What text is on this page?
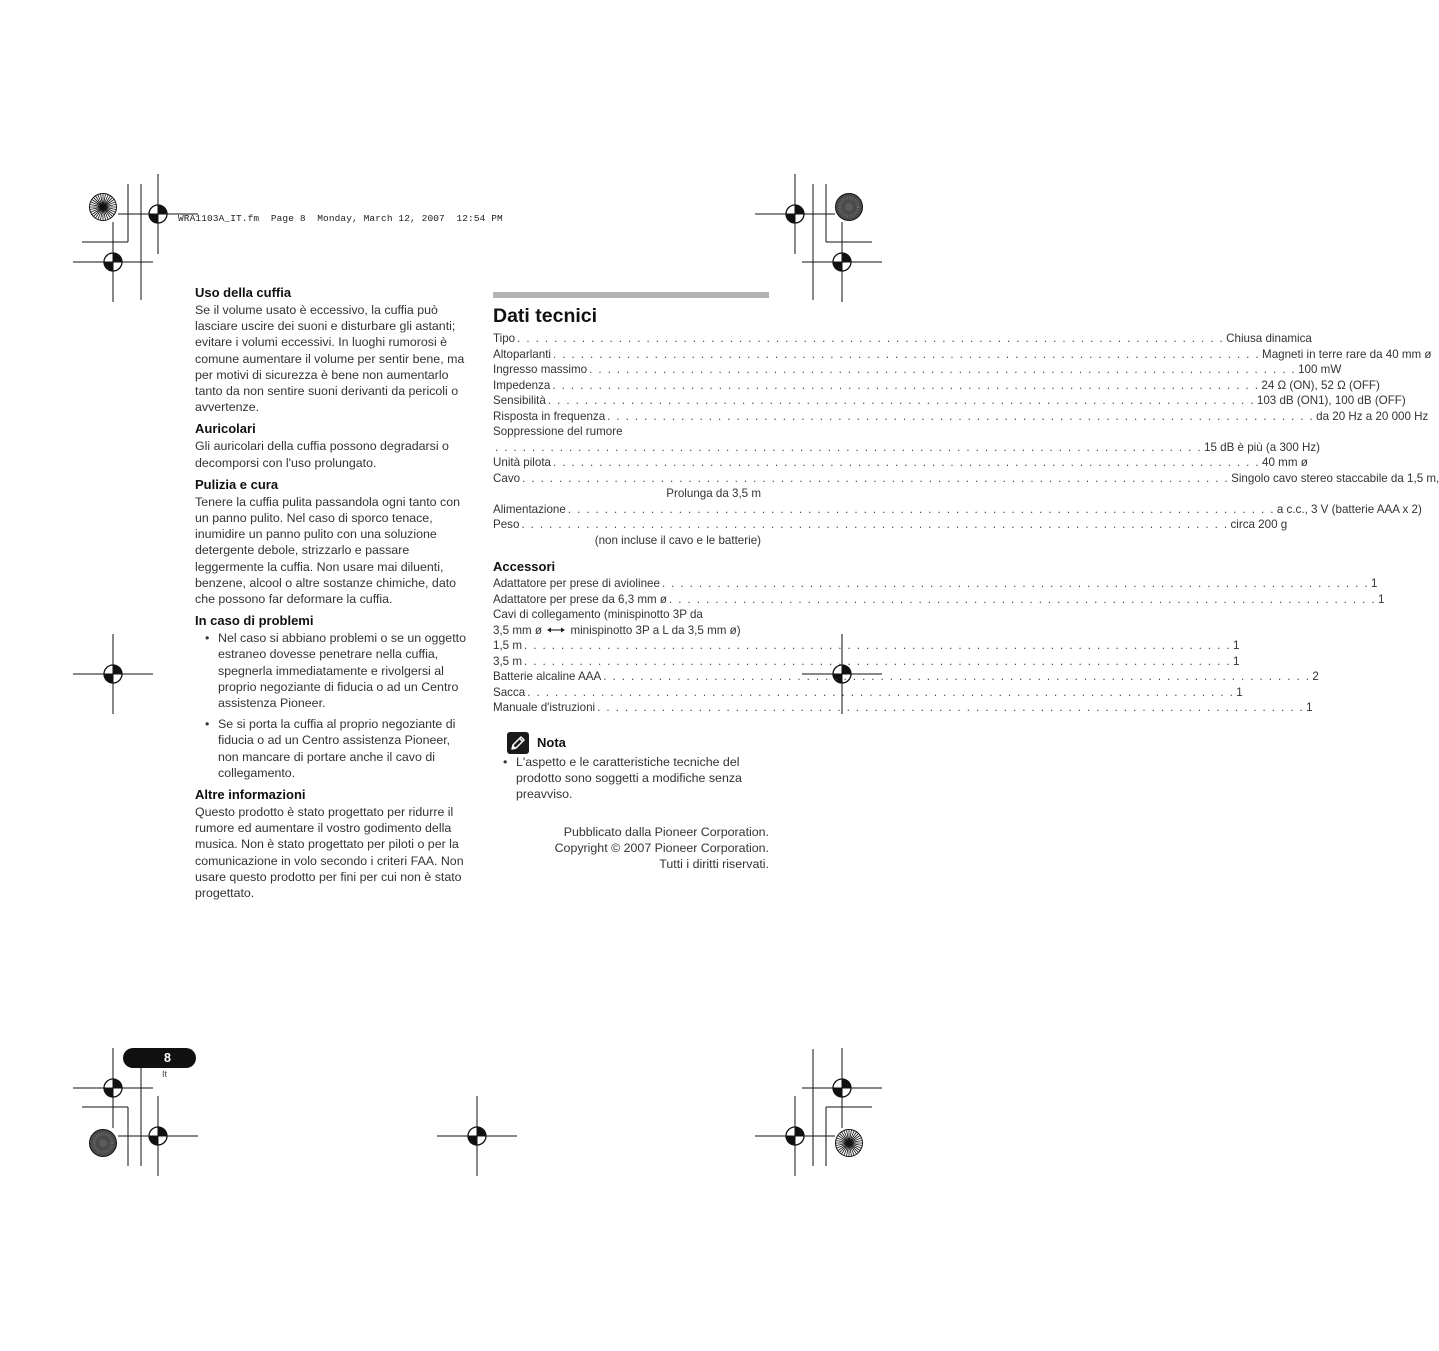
WRA1103A_IT.fm  Page 8  Monday, March 12, 2007  12:54 PM
Uso della cuffia

Se il volume usato è eccessivo, la cuffia può lasciare uscire dei suoni e disturbare gli astanti; evitare i volumi eccessivi. In luoghi rumorosi è comune aumentare il volume per sentir bene, ma per motivi di sicurezza è bene non aumentarlo tanto da non sentire suoni derivanti da pericoli o avvertenze.

Auricolari

Gli auricolari della cuffia possono degradarsi o decomporsi con l'uso prolungato.

Pulizia e cura

Tenere la cuffia pulita passandola ogni tanto con un panno pulito. Nel caso di sporco tenace, inumidire un panno pulito con una soluzione detergente debole, strizzarlo e passare leggermente la cuffia. Non usare mai diluenti, benzene, alcool o altre sostanze chimiche, dato che possono far deformare la cuffia.

In caso di problemi
• Nel caso si abbiano problemi o se un oggetto estraneo dovesse penetrare nella cuffia, spegnerla immediatamente e rivolgersi al proprio negoziante di fiducia o ad un Centro assistenza Pioneer.
• Se si porta la cuffia al proprio negoziante di fiducia o ad un Centro assistenza Pioneer, non mancare di portare anche il cavo di collegamento.
Altre informazioni

Questo prodotto è stato progettato per ridurre il rumore ed aumentare il vostro godimento della musica. Non è stato progettato per piloti o per la comunicazione in volo secondo i criteri FAA. Non usare questo prodotto per fini per cui non è stato progettato.

Dati tecnici
Tipo . . . . . . . . . . . . . . . . . . . . . . . . . . . . . . . . . . . . . . . . . . . . . . . . . . . . . . . . . . . . . . . . . . . . . . . . . . . . . Chiusa dinamica
Altoparlanti . . . . . . . . . . . . . . . . . . . . . . . . . . . . . . . . . . . . . . . . . . . . . . . . . . . . . . . . . . . . . . . . . . . . . . . . . . . . . Magneti in terre rare da 40 mm ø
Ingresso massimo . . . . . . . . . . . . . . . . . . . . . . . . . . . . . . . . . . . . . . . . . . . . . . . . . . . . . . . . . . . . . . . . . . . . . . . . . . . . . 100 mW
Impedenza . . . . . . . . . . . . . . . . . . . . . . . . . . . . . . . . . . . . . . . . . . . . . . . . . . . . . . . . . . . . . . . . . . . . . . . . . . . . . 24 Ω (ON), 52 Ω (OFF)
Sensibilità . . . . . . . . . . . . . . . . . . . . . . . . . . . . . . . . . . . . . . . . . . . . . . . . . . . . . . . . . . . . . . . . . . . . . . . . . . . . . 103 dB (ON1), 100 dB (OFF)
Risposta in frequenza . . . . . . . . . . . . . . . . . . . . . . . . . . . . . . . . . . . . . . . . . . . . . . . . . . . . . . . . . . . . . . . . . . . . . . . . . . . . . da 20 Hz a 20 000 Hz
Soppressione del rumore
. . . . . . . . . . . . . . . . . . . . . . . . . . . . . . . . . . . . . . . . . . . . . . . . . . . . . . . . . . . . . . . . . . . . . . . . . . . . . 15 dB è più (a 300 Hz)
Unità pilota . . . . . . . . . . . . . . . . . . . . . . . . . . . . . . . . . . . . . . . . . . . . . . . . . . . . . . . . . . . . . . . . . . . . . . . . . . . . . 40 mm ø
Cavo . . . . . . . . . . . . . . . . . . . . . . . . . . . . . . . . . . . . . . . . . . . . . . . . . . . . . . . . . . . . . . . . . . . . . . . . . . . . . Singolo cavo stereo staccabile da 1,5 m,
Prolunga da 3,5 m
Alimentazione . . . . . . . . . . . . . . . . . . . . . . . . . . . . . . . . . . . . . . . . . . . . . . . . . . . . . . . . . . . . . . . . . . . . . . . . . . . . . a c.c., 3 V (batterie AAA x 2)
Peso . . . . . . . . . . . . . . . . . . . . . . . . . . . . . . . . . . . . . . . . . . . . . . . . . . . . . . . . . . . . . . . . . . . . . . . . . . . . . circa 200 g
(non incluse il cavo e le batterie)
Accessori
Adattatore per prese di aviolinee . . . . . . . . . . . . . . . . . . . . . . . . . . . . . . . . . . . . . . . . . . . . . . . . . . . . . . . . . . . . . . . . . . . . . . . . . . . . . 1
Adattatore per prese da 6,3 mm ø . . . . . . . . . . . . . . . . . . . . . . . . . . . . . . . . . . . . . . . . . . . . . . . . . . . . . . . . . . . . . . . . . . . . . . . . . . . . . 1
Cavi di collegamento (minispinotto 3P da
3,5 mm ø minispinotto 3P a L da 3,5 mm ø)
1,5 m . . . . . . . . . . . . . . . . . . . . . . . . . . . . . . . . . . . . . . . . . . . . . . . . . . . . . . . . . . . . . . . . . . . . . . . . . . . . . 1
3,5 m . . . . . . . . . . . . . . . . . . . . . . . . . . . . . . . . . . . . . . . . . . . . . . . . . . . . . . . . . . . . . . . . . . . . . . . . . . . . . 1
Batterie alcaline AAA . . . . . . . . . . . . . . . . . . . . . . . . . . . . . . . . . . . . . . . . . . . . . . . . . . . . . . . . . . . . . . . . . . . . . . . . . . . . . 2
Sacca . . . . . . . . . . . . . . . . . . . . . . . . . . . . . . . . . . . . . . . . . . . . . . . . . . . . . . . . . . . . . . . . . . . . . . . . . . . . . 1
Manuale d'istruzioni . . . . . . . . . . . . . . . . . . . . . . . . . . . . . . . . . . . . . . . . . . . . . . . . . . . . . . . . . . . . . . . . . . . . . . . . . . . . . 1
Nota
• L'aspetto e le caratteristiche tecniche del prodotto sono soggetti a modifiche senza preavviso.
Pubblicato dalla Pioneer Corporation.
Copyright © 2007 Pioneer Corporation.
Tutti i diritti riservati.
8
It
